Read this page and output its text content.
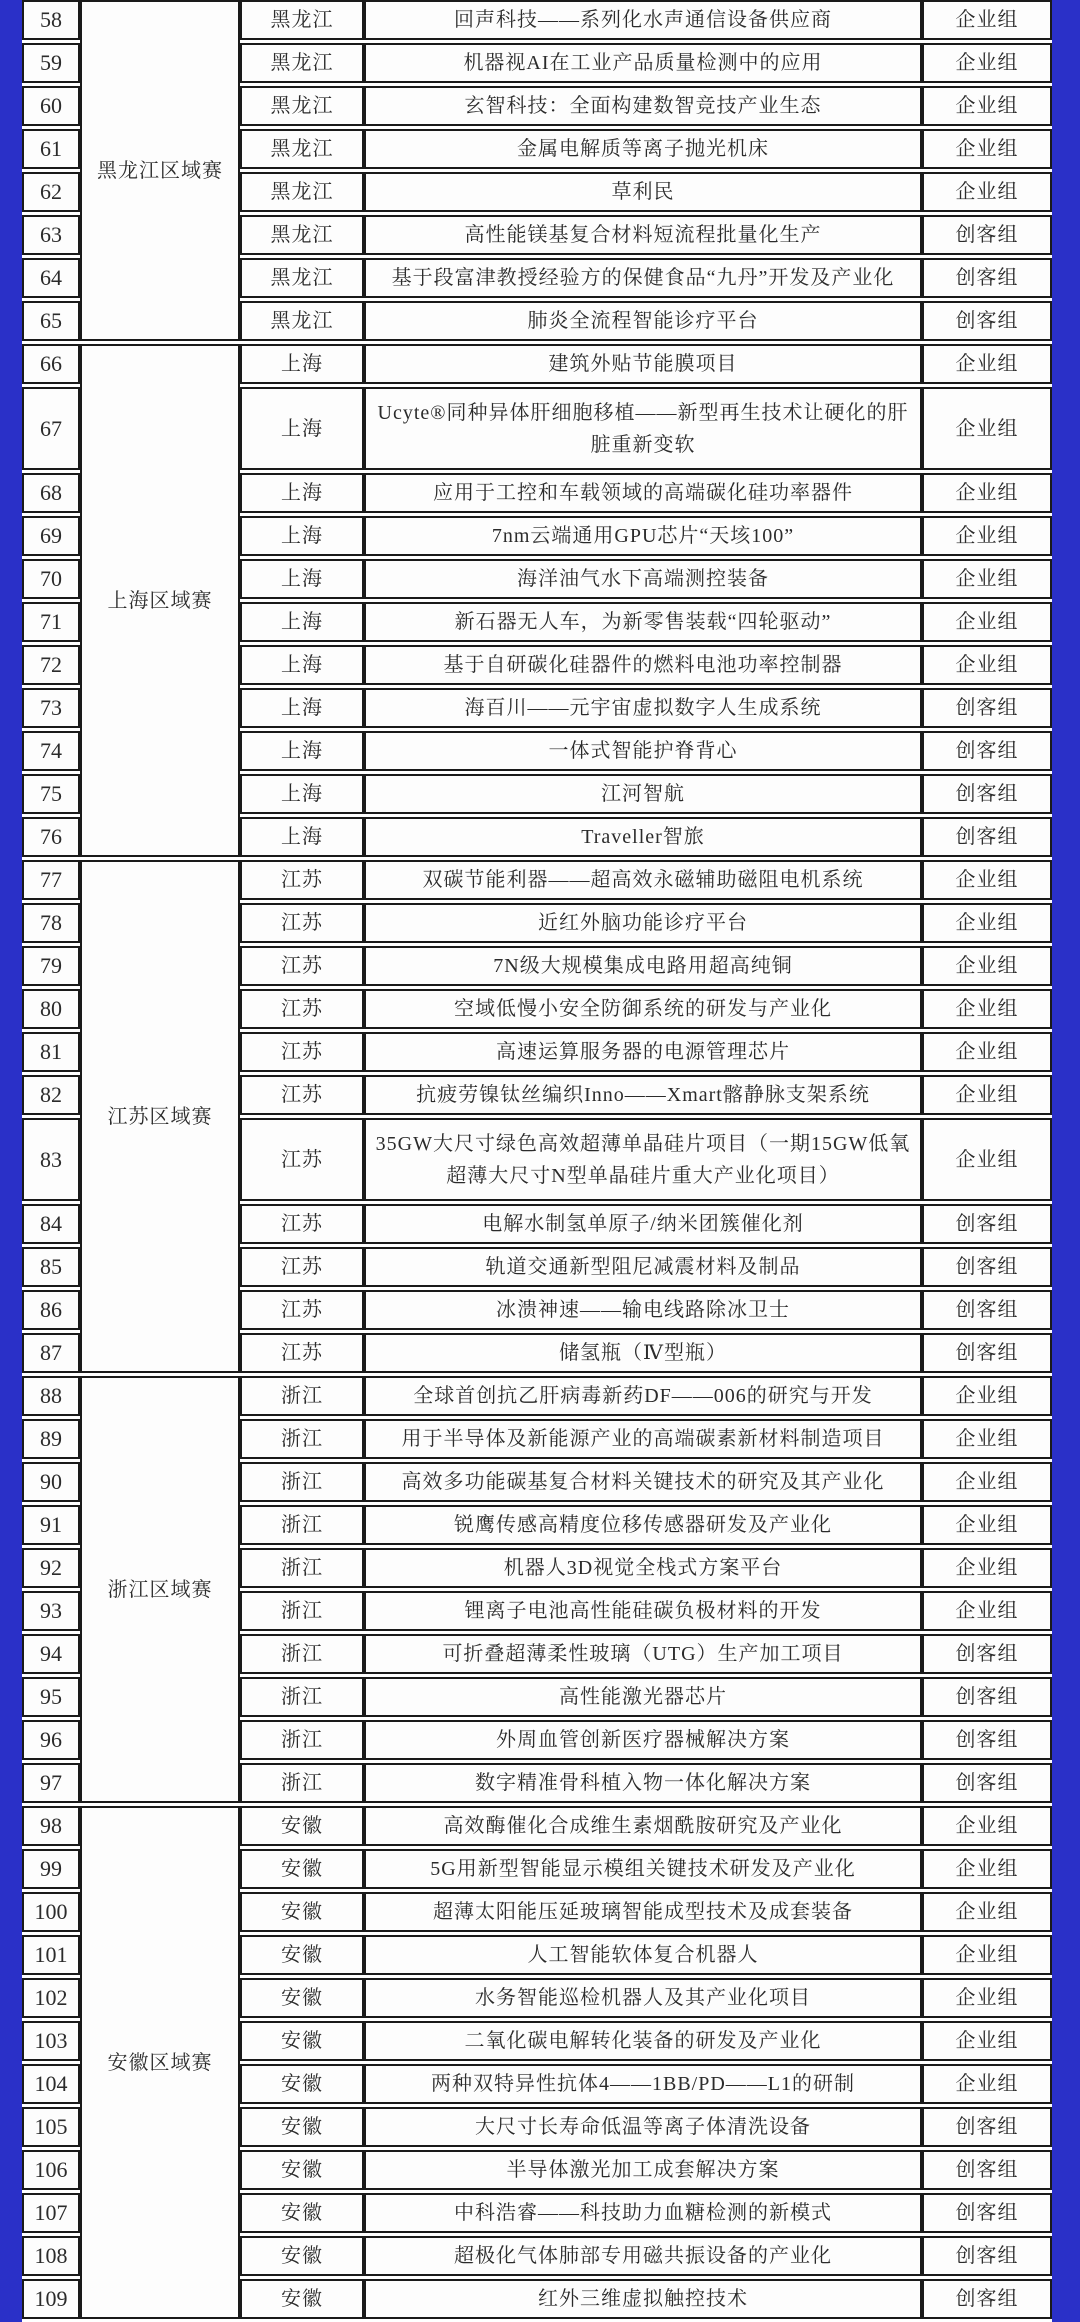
58	黑龙江区域赛	黑龙江	回声科技——系列化水声通信设备供应商	企业组
59		黑龙江	机器视AI在工业产品质量检测中的应用	企业组
60		黑龙江	玄智科技：全面构建数智竞技产业生态	企业组
61		黑龙江	金属电解质等离子抛光机床	企业组
62		黑龙江	草利民	企业组
63		黑龙江	高性能镁基复合材料短流程批量化生产	创客组
64		黑龙江	基于段富津教授经验方的保健食品“九丹”开发及产业化	创客组
65		黑龙江	肺炎全流程智能诊疗平台	创客组
66	上海区域赛	上海	建筑外贴节能膜项目	企业组
67		上海	Ucyte®同种异体肝细胞移植——新型再生技术让硬化的肝脏重新变软	企业组
68		上海	应用于工控和车载领域的高端碳化硅功率器件	企业组
69		上海	7nm云端通用GPU芯片“天垓100”	企业组
70		上海	海洋油气水下高端测控装备	企业组
71		上海	新石器无人车，为新零售装载“四轮驱动”	企业组
72		上海	基于自研碳化硅器件的燃料电池功率控制器	企业组
73		上海	海百川——元宇宙虚拟数字人生成系统	创客组
74		上海	一体式智能护脊背心	创客组
75		上海	江河智航	创客组
76		上海	Traveller智旅	创客组
77	江苏区域赛	江苏	双碳节能利器——超高效永磁辅助磁阻电机系统	企业组
78		江苏	近红外脑功能诊疗平台	企业组
79		江苏	7N级大规模集成电路用超高纯铜	企业组
80		江苏	空域低慢小安全防御系统的研发与产业化	企业组
81		江苏	高速运算服务器的电源管理芯片	企业组
82		江苏	抗疲劳镍钛丝编织Inno——Xmart髂静脉支架系统	企业组
83		江苏	35GW大尺寸绿色高效超薄单晶硅片项目（一期15GW低氧超薄大尺寸N型单晶硅片重大产业化项目）	企业组
84		江苏	电解水制氢单原子/纳米团簇催化剂	创客组
85		江苏	轨道交通新型阻尼减震材料及制品	创客组
86		江苏	冰溃神速——输电线路除冰卫士	创客组
87		江苏	储氢瓶（Ⅳ型瓶）	创客组
88	浙江区域赛	浙江	全球首创抗乙肝病毒新药DF——006的研究与开发	企业组
89		浙江	用于半导体及新能源产业的高端碳素新材料制造项目	企业组
90		浙江	高效多功能碳基复合材料关键技术的研究及其产业化	企业组
91		浙江	锐鹰传感高精度位移传感器研发及产业化	企业组
92		浙江	机器人3D视觉全栈式方案平台	企业组
93		浙江	锂离子电池高性能硅碳负极材料的开发	企业组
94		浙江	可折叠超薄柔性玻璃（UTG）生产加工项目	创客组
95		浙江	高性能激光器芯片	创客组
96		浙江	外周血管创新医疗器械解决方案	创客组
97		浙江	数字精准骨科植入物一体化解决方案	创客组
98	安徽区域赛	安徽	高效酶催化合成维生素烟酰胺研究及产业化	企业组
99		安徽	5G用新型智能显示模组关键技术研发及产业化	企业组
100		安徽	超薄太阳能压延玻璃智能成型技术及成套装备	企业组
101		安徽	人工智能软体复合机器人	企业组
102		安徽	水务智能巡检机器人及其产业化项目	企业组
103		安徽	二氧化碳电解转化装备的研发及产业化	企业组
104		安徽	两种双特异性抗体4——1BB/PD——L1的研制	企业组
105		安徽	大尺寸长寿命低温等离子体清洗设备	创客组
106		安徽	半导体激光加工成套解决方案	创客组
107		安徽	中科浩睿——科技助力血糖检测的新模式	创客组
108		安徽	超极化气体肺部专用磁共振设备的产业化	创客组
109		安徽	红外三维虚拟触控技术	创客组
